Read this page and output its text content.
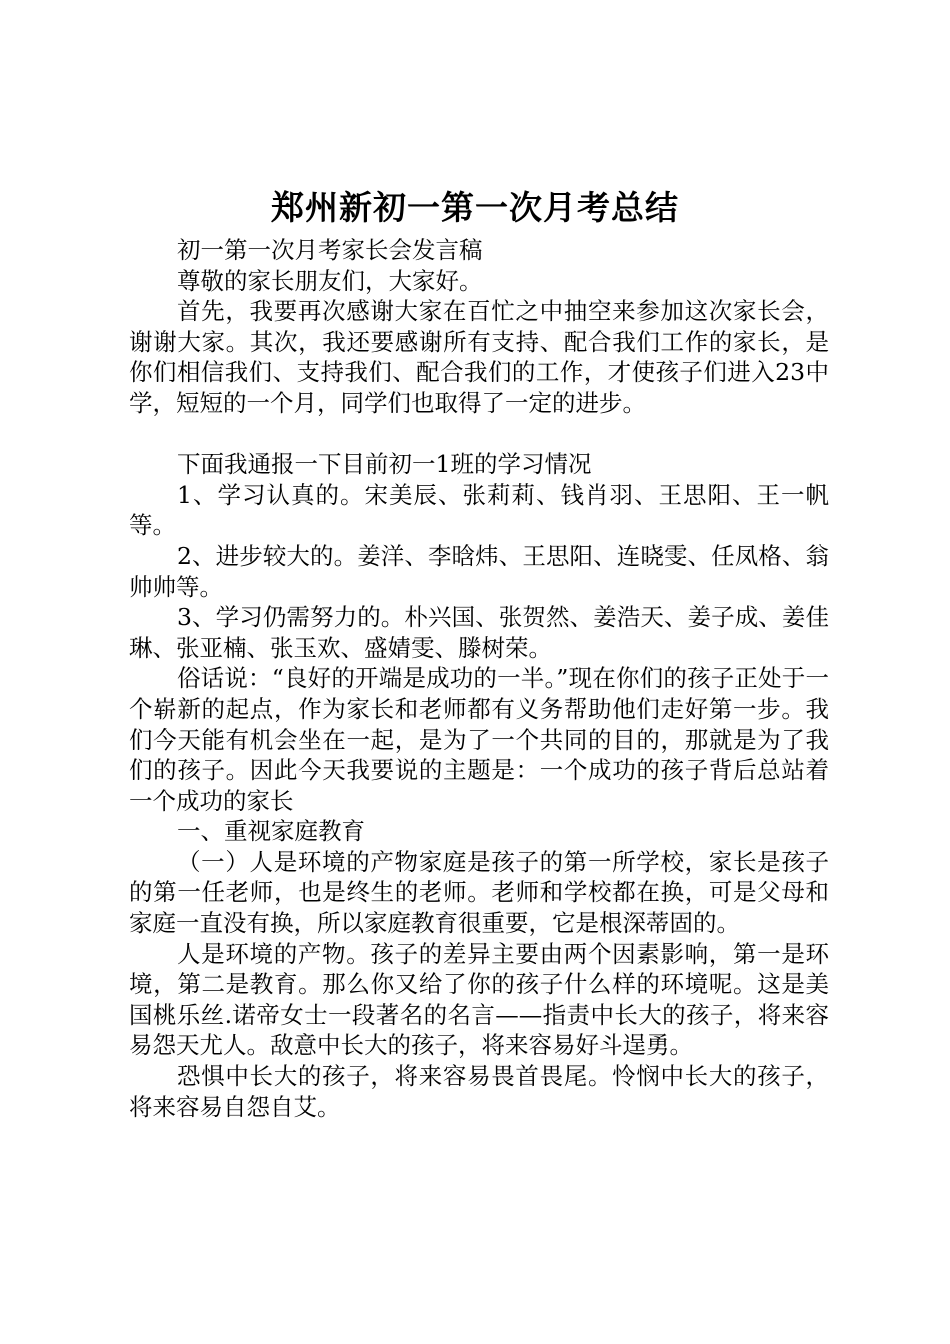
郑州新初一第一次月考总结

初一第一次月考家长会发言稿

尊敬的家长朋友们，大家好。

首先，我要再次感谢大家在百忙之中抽空来参加这次家长会，谢谢大家。其次，我还要感谢所有支持、配合我们工作的家长，是你们相信我们、支持我们、配合我们的工作，才使孩子们进入23中学，短短的一个月，同学们也取得了一定的进步。

下面我通报一下目前初一1班的学习情况

1、学习认真的。宋美辰、张莉莉、钱肖羽、王思阳、王一帆等。

2、进步较大的。姜洋、李晗炜、王思阳、连晓雯、任凤格、翁帅帅等。

3、学习仍需努力的。朴兴国、张贺然、姜浩天、姜子成、姜佳琳、张亚楠、张玉欢、盛婧雯、滕树荣。

俗话说：“良好的开端是成功的一半。”现在你们的孩子正处于一个崭新的起点，作为家长和老师都有义务帮助他们走好第一步。我们今天能有机会坐在一起，是为了一个共同的目的，那就是为了我们的孩子。因此今天我要说的主题是：一个成功的孩子背后总站着一个成功的家长

一、重视家庭教育

（一）人是环境的产物家庭是孩子的第一所学校，家长是孩子的第一任老师，也是终生的老师。老师和学校都在换，可是父母和家庭一直没有换，所以家庭教育很重要，它是根深蒂固的。

人是环境的产物。孩子的差异主要由两个因素影响，第一是环境，第二是教育。那么你又给了你的孩子什么样的环境呢。这是美国桃乐丝.诺帝女士一段著名的名言——指责中长大的孩子，将来容易怨天尤人。敌意中长大的孩子，将来容易好斗逞勇。

恐惧中长大的孩子，将来容易畏首畏尾。怜悯中长大的孩子，将来容易自怨自艾。
